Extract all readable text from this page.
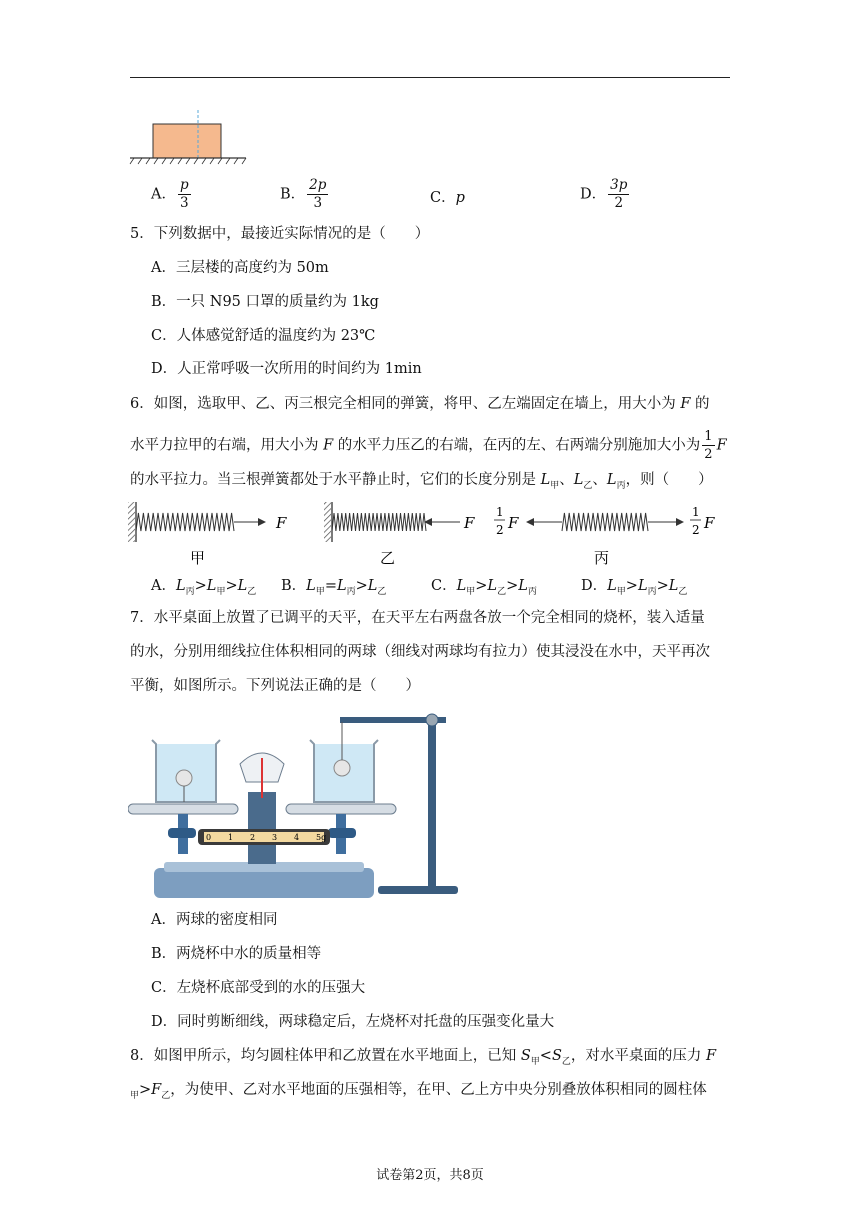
A． $\frac{p}{3}$	B． $\frac{2p}{3}$	C．p	D． $\frac{3p}{2}$
5．下列数据中，最接近实际情况的是（　　）
A．三层楼的高度约为 50m
B．一只 N95 口罩的质量约为 1kg
C．人体感觉舒适的温度约为 23℃
D．人正常呼吸一次所用的时间约为 1min
6．如图，选取甲、乙、丙三根完全相同的弹簧，将甲、乙左端固定在墙上，用大小为 F 的
水平力拉甲的右端，用大小为 F 的水平力压乙的右端，在丙的左、右两端分别施加大小为 $\frac{1}{2}$ F
的水平拉力。当三根弹簧都处于水平静止时，它们的长度分别是 $L_甲$、$L_乙$、$L_丙$，则（　　）
F
甲
F
乙
1
2 F
1
2 F
丙
A．$L_丙>L_甲>L_乙$ B．$L_甲=L_丙>L_乙$	C．$L_甲>L_乙>L_丙$	D．$L_甲>L_丙>L_乙$
7．水平桌面上放置了已调平的天平，在天平左右两盘各放一个完全相同的烧杯，装入适量
的水，分别用细线拉住体积相同的两球（细线对两球均有拉力）使其浸没在水中，天平再次
平衡，如图所示。下列说法正确的是（　　）
0 1 2 3 4 5g
A．两球的密度相同
B．两烧杯中水的质量相等
C．左烧杯底部受到的水的压强大
D．同时剪断细线，两球稳定后，左烧杯对托盘的压强变化量大
8．如图甲所示，均匀圆柱体甲和乙放置在水平地面上，已知 $S_甲<S_乙$，对水平桌面的压力 F
$_甲>F_乙$，为使甲、乙对水平地面的压强相等，在甲、乙上方中央分别叠放体积相同的圆柱体
试卷第2页，共8页
